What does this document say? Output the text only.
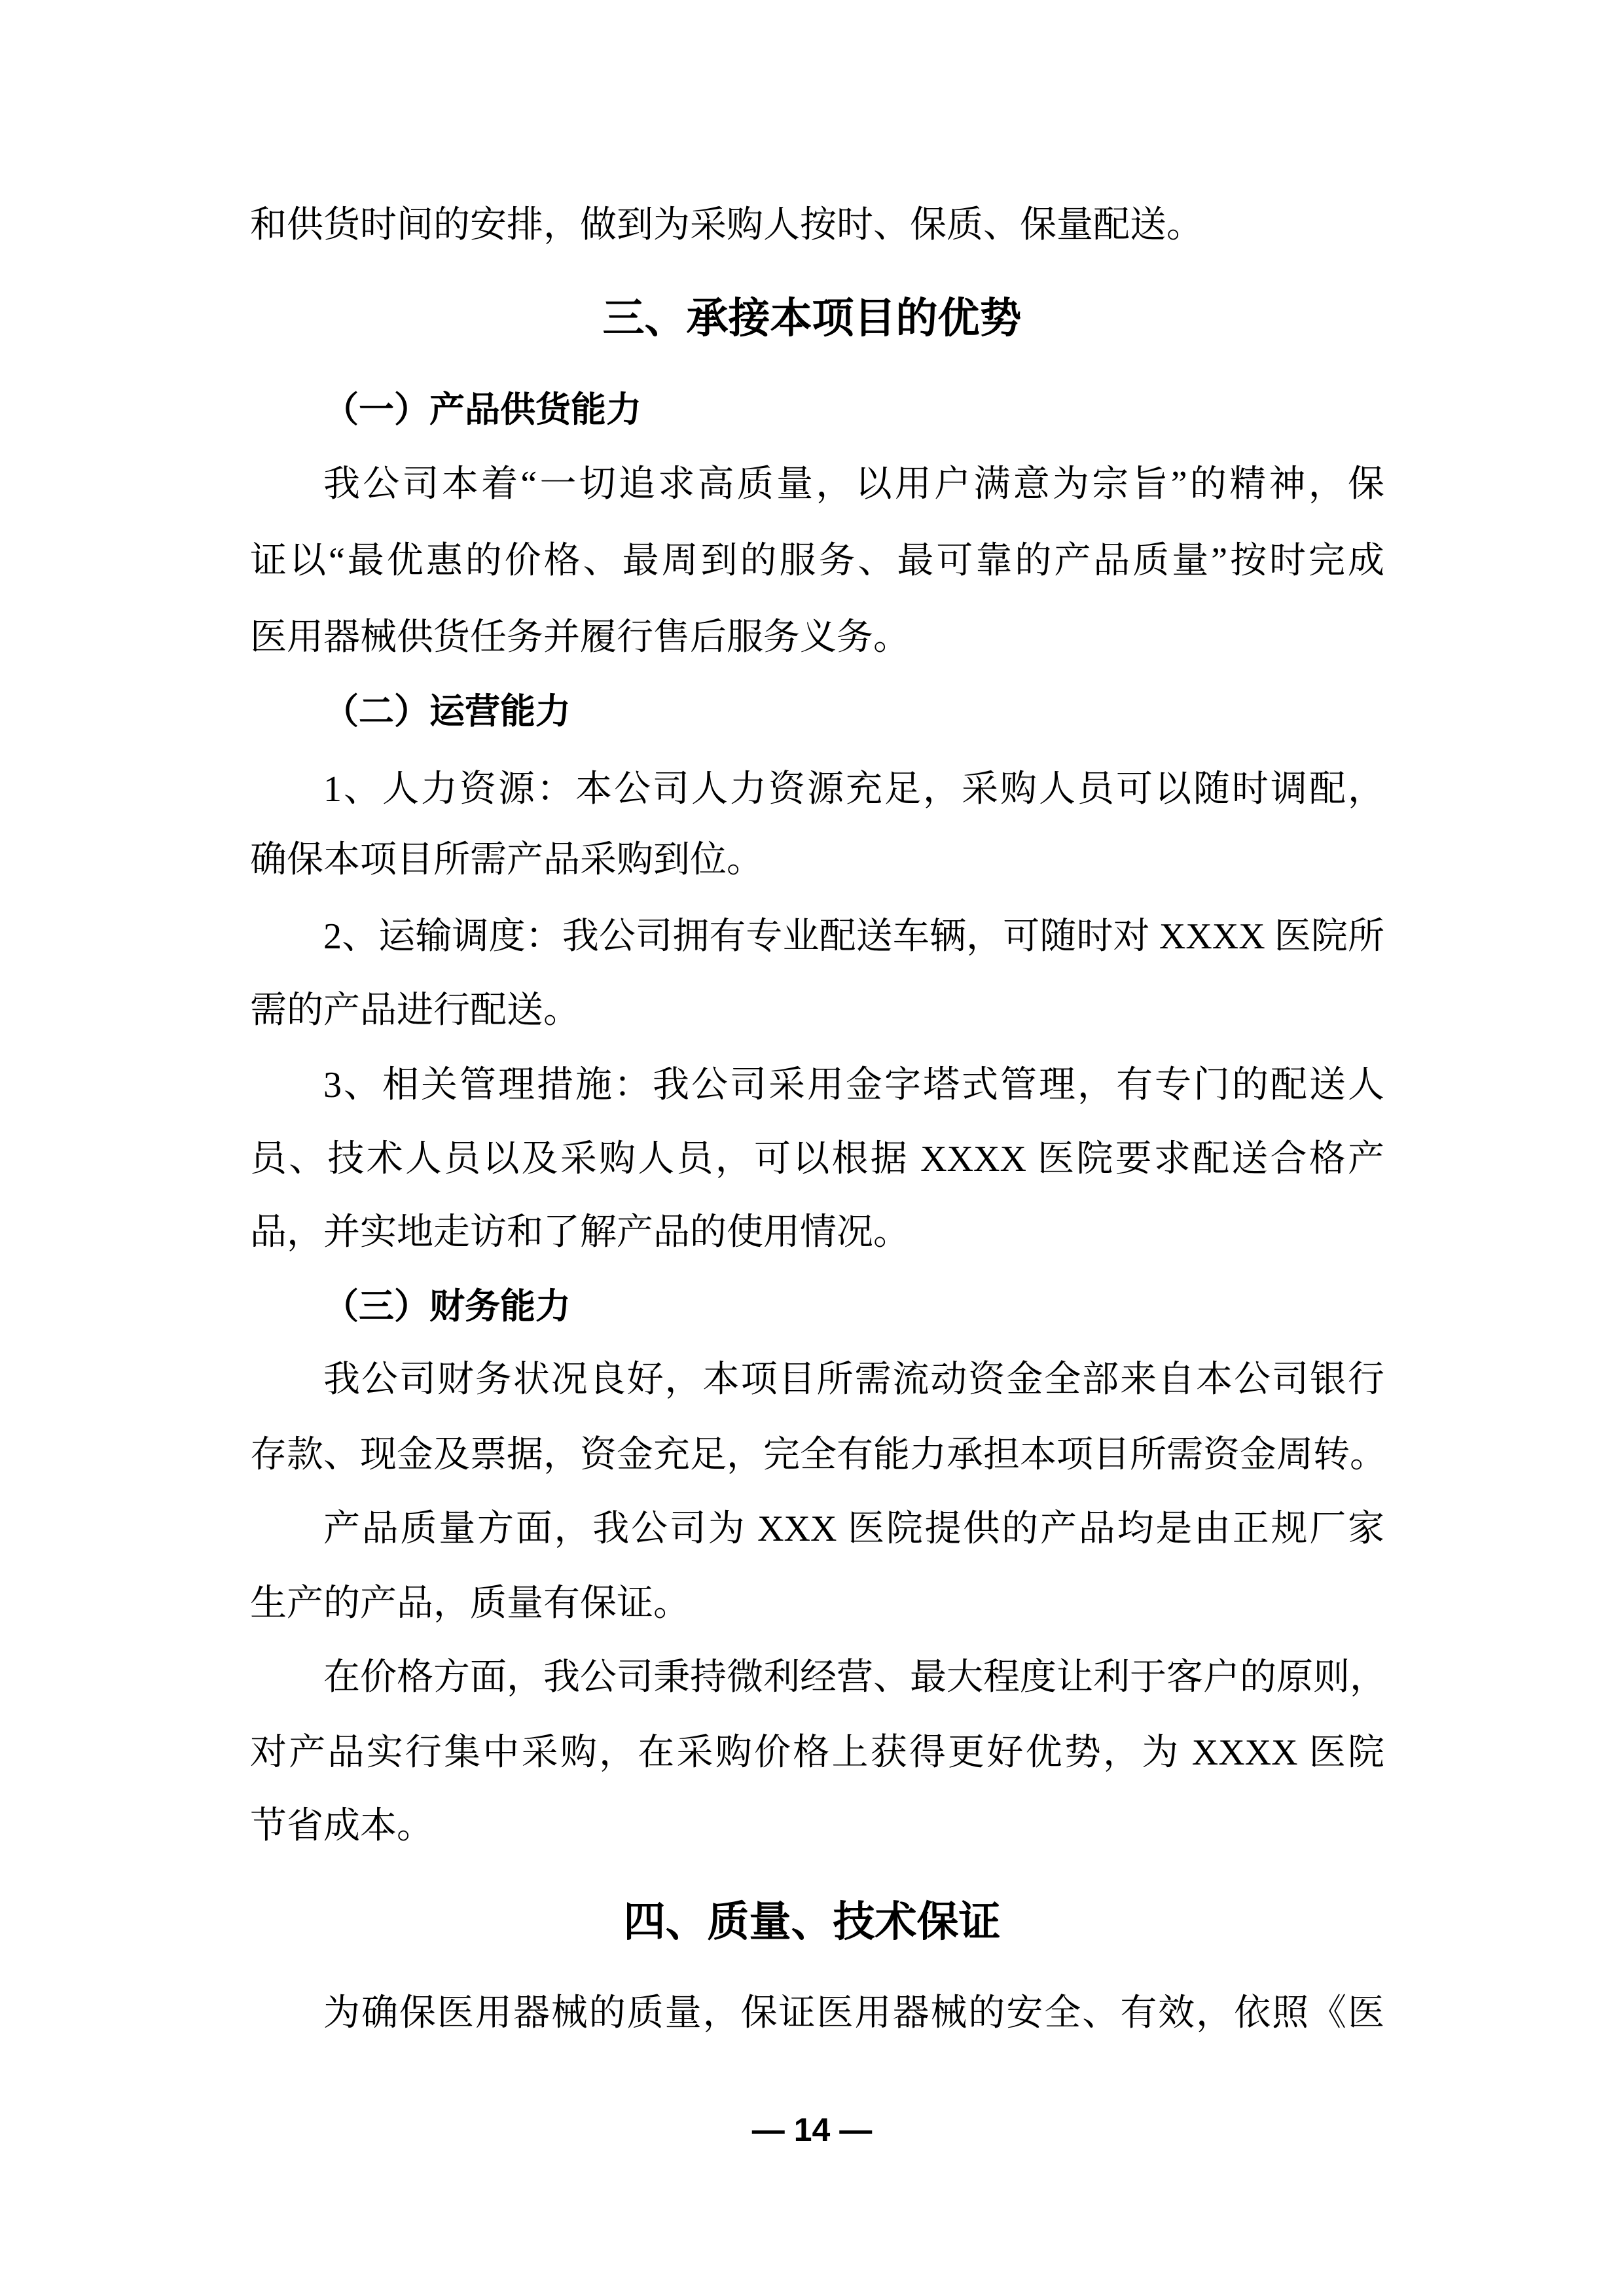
和供货时间的安排，做到为采购人按时、保质、保量配送。
三、承接本项目的优势
（一）产品供货能力
我公司本着“一切追求高质量，以用户满意为宗旨”的精神，保
证以“最优惠的价格、最周到的服务、最可靠的产品质量”按时完成
医用器械供货任务并履行售后服务义务。
（二）运营能力
1、人力资源：本公司人力资源充足，采购人员可以随时调配，
确保本项目所需产品采购到位。
2、运输调度：我公司拥有专业配送车辆，可随时对 XXXX 医院所
需的产品进行配送。
3、相关管理措施：我公司采用金字塔式管理，有专门的配送人
员、技术人员以及采购人员，可以根据 XXXX 医院要求配送合格产
品，并实地走访和了解产品的使用情况。
（三）财务能力
我公司财务状况良好，本项目所需流动资金全部来自本公司银行
存款、现金及票据，资金充足，完全有能力承担本项目所需资金周转。
产品质量方面，我公司为 XXX 医院提供的产品均是由正规厂家
生产的产品，质量有保证。
在价格方面，我公司秉持微利经营、最大程度让利于客户的原则，
对产品实行集中采购，在采购价格上获得更好优势，为 XXXX 医院
节省成本。
四、质量、技术保证
为确保医用器械的质量，保证医用器械的安全、有效，依照《医
— 14 —
